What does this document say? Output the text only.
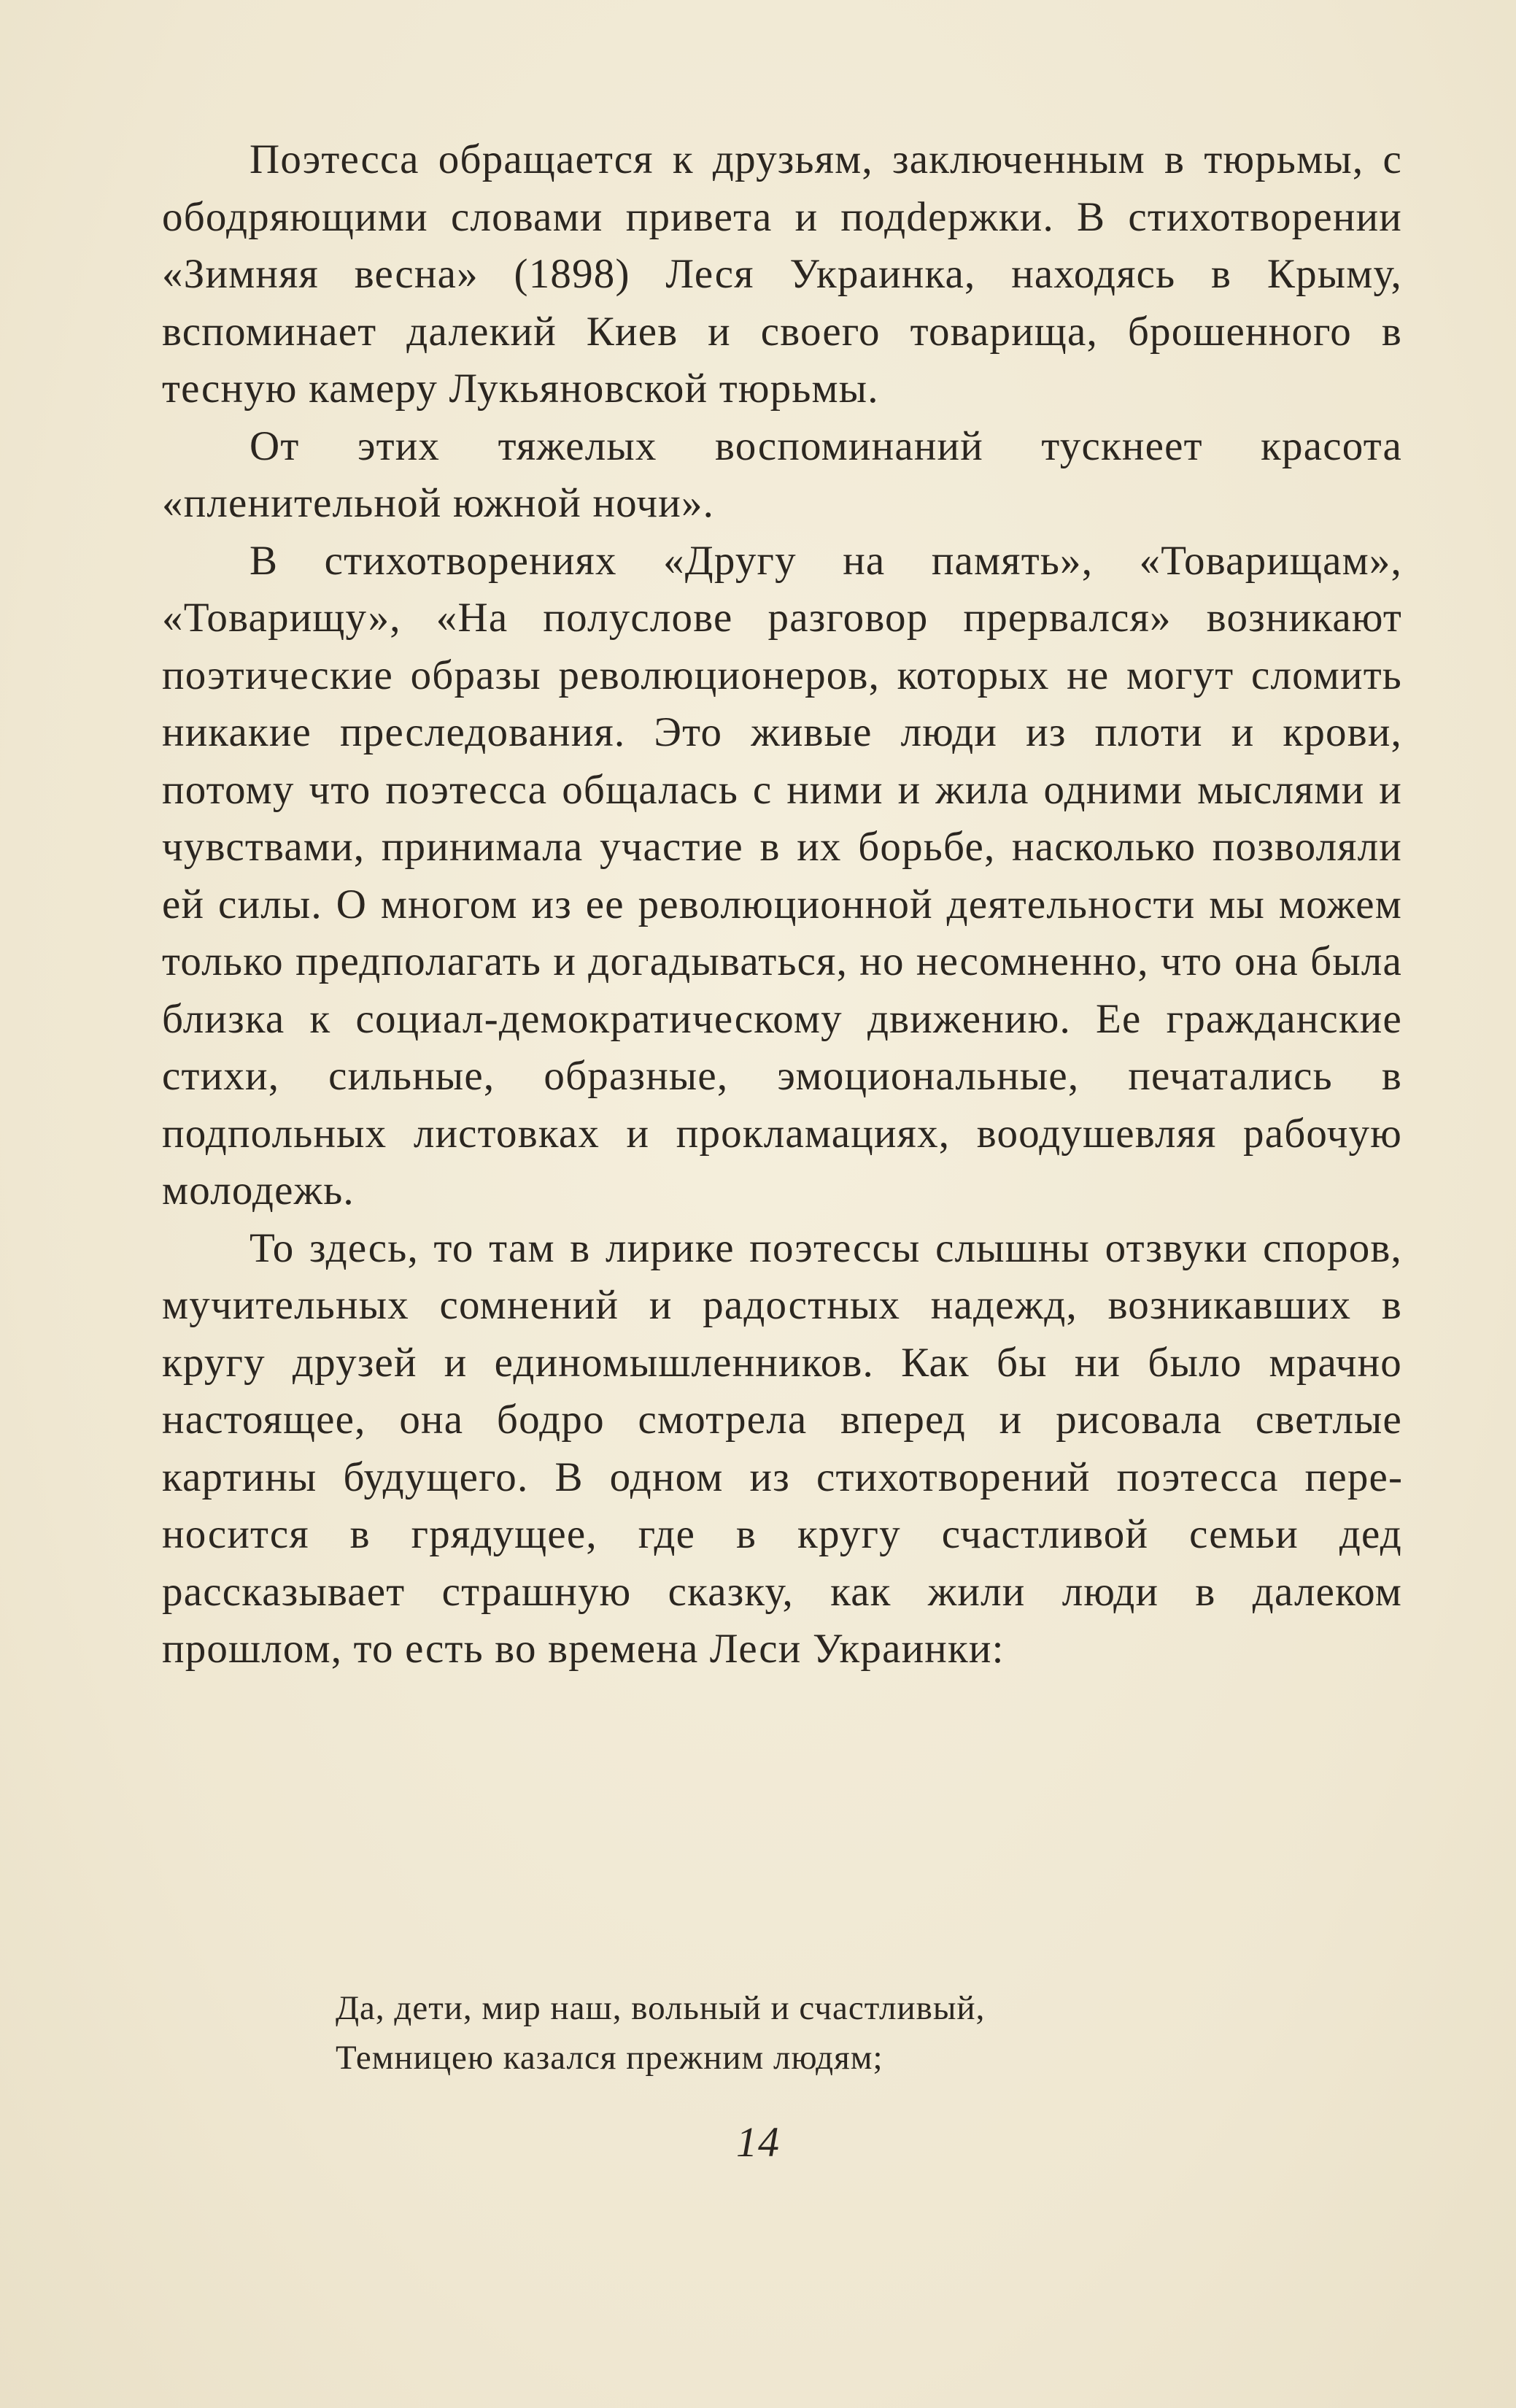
Поэтесса обращается к друзьям, заключенным в тюрьмы, с ободряющими словами привета и подdержки. В стихотворении «Зимняя весна» (1898) Леся Украинка, находясь в Крыму, вспоминает далекий Киев и своего товарища, брошенного в тесную камеру Лукьяновской тюрьмы.

От этих тяжелых воспоминаний тускнеет красота «пленительной южной ночи».

В стихотворениях «Другу на память», «Товарищам», «Товарищу», «На полуслове разговор прервался» возникают поэтические образы революционеров, которых не могут сломить никакие преследования. Это живые люди из плоти и крови, потому что поэтесса общалась с ними и жила одними мыслями и чувствами, принимала участие в их борьбе, насколько позволяли ей силы. О многом из ее революционной деятельности мы можем только предполагать и догадываться, но несомненно, что она была близка к социал-демократическому движению. Ее гражданские стихи, сильные, образные, эмоциональные, печатались в подпольных листовках и прокламациях, воодушевляя рабочую молодежь.

То здесь, то там в лирике поэтессы слышны отзвуки споров, мучительных сомнений и радостных надежд, возникавших в кругу друзей и единомышленников. Как бы ни было мрачно настоящее, она бодро смотрела вперед и рисовала светлые картины будущего. В одном из стихотворений поэтесса переносится в грядущее, где в кругу счастливой семьи дед рассказывает страшную сказку, как жили люди в далеком прошлом, то есть во времена Леси Украинки:

Да, дети, мир наш, вольный и счастливый,
Темницею казался прежним людям;
14
